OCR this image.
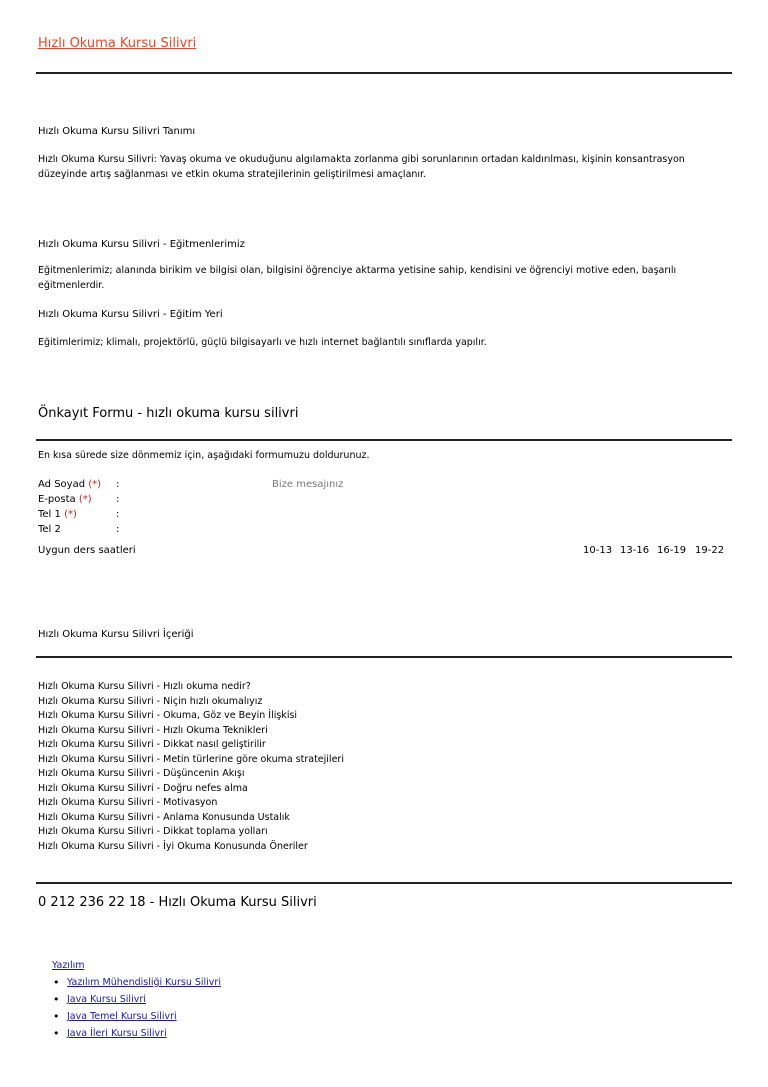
Hızlı Okuma Kursu Silivri
Hızlı Okuma Kursu Silivri Tanımı
Hızlı Okuma Kursu Silivri: Yavaş okuma ve okuduğunu algılamakta zorlanma gibi sorunlarının ortadan kaldırılması, kişinin konsantrasyon düzeyinde artış sağlanması ve etkin okuma stratejilerinin geliştirilmesi amaçlanır.
Hızlı Okuma Kursu Silivri - Eğitmenlerimiz
Eğitmenlerimiz; alanında birikim ve bilgisi olan, bilgisini öğrenciye aktarma yetisine sahip, kendisini ve öğrenciyi motive eden, başarılı eğitmenlerdir.
Hızlı Okuma Kursu Silivri - Eğitim Yeri
Eğitimlerimiz; klimalı, projektörlü, güçlü bilgisayarlı ve hızlı internet bağlantılı sınıflarda yapılır.
Önkayıt Formu - hızlı okuma kursu silivri
En kısa sürede size dönmemiz için, aşağıdaki formumuzu doldurunuz.
Ad Soyad (*) :
E-posta (*) :
Tel 1 (*)	:
Tel 2	:
Bize mesajınız
Uygun ders saatleri	10-13 13-16 16-19 19-22
Hızlı Okuma Kursu Silivri İçeriği
Hızlı Okuma Kursu Silivri - Hızlı okuma nedir?
Hızlı Okuma Kursu Silivri - Niçin hızlı okumalıyız
Hızlı Okuma Kursu Silivri - Okuma, Göz ve Beyin İlişkisi
Hızlı Okuma Kursu Silivri - Hızlı Okuma Teknikleri
Hızlı Okuma Kursu Silivri - Dikkat nasıl geliştirilir
Hızlı Okuma Kursu Silivri - Metin türlerine göre okuma stratejileri
Hızlı Okuma Kursu Silivri - Düşüncenin Akışı
Hızlı Okuma Kursu Silivri - Doğru nefes alma
Hızlı Okuma Kursu Silivri - Motivasyon
Hızlı Okuma Kursu Silivri - Anlama Konusunda Ustalık
Hızlı Okuma Kursu Silivri - Dikkat toplama yolları
Hızlı Okuma Kursu Silivri - İyi Okuma Konusunda Öneriler
0 212 236 22 18 - Hızlı Okuma Kursu Silivri
Yazılım
• Yazılım Mühendisliği Kursu Silivri
• Java Kursu Silivri
• Java Temel Kursu Silivri
• Java İleri Kursu Silivri
